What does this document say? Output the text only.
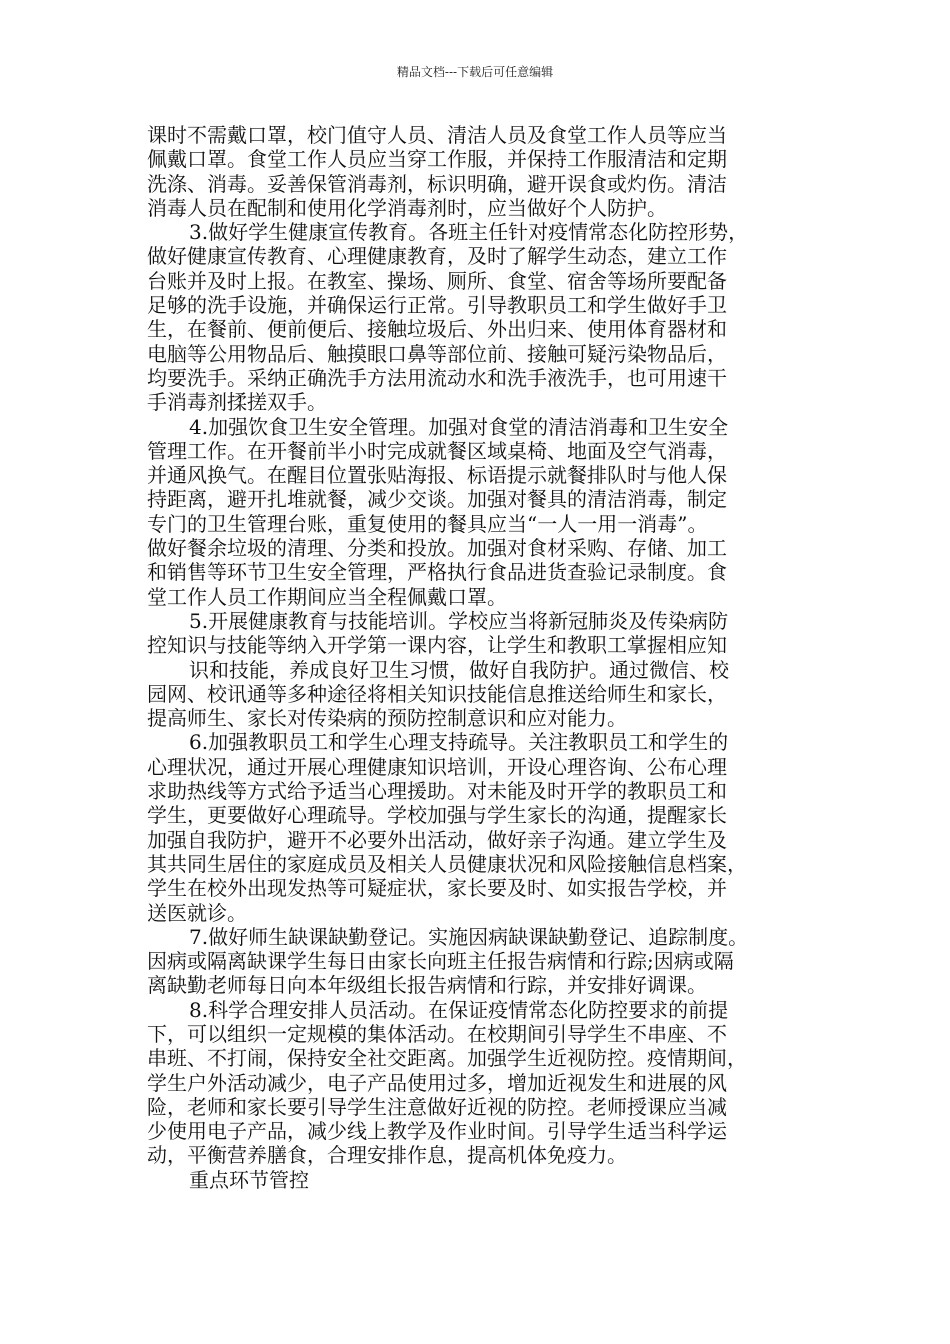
精品文档---下载后可任意编辑
课时不需戴口罩，校门值守人员、清洁人员及食堂工作人员等应当
佩戴口罩。食堂工作人员应当穿工作服，并保持工作服清洁和定期
洗涤、消毒。妥善保管消毒剂，标识明确，避开误食或灼伤。清洁
消毒人员在配制和使用化学消毒剂时，应当做好个人防护。
3.做好学生健康宣传教育。各班主任针对疫情常态化防控形势，
做好健康宣传教育、心理健康教育，及时了解学生动态，建立工作
台账并及时上报。在教室、操场、厕所、食堂、宿舍等场所要配备
足够的洗手设施，并确保运行正常。引导教职员工和学生做好手卫
生，在餐前、便前便后、接触垃圾后、外出归来、使用体育器材和
电脑等公用物品后、触摸眼口鼻等部位前、接触可疑污染物品后，
均要洗手。采纳正确洗手方法用流动水和洗手液洗手，也可用速干
手消毒剂揉搓双手。
4.加强饮食卫生安全管理。加强对食堂的清洁消毒和卫生安全
管理工作。在开餐前半小时完成就餐区域桌椅、地面及空气消毒，
并通风换气。在醒目位置张贴海报、标语提示就餐排队时与他人保
持距离，避开扎堆就餐，减少交谈。加强对餐具的清洁消毒，制定
专门的卫生管理台账，重复使用的餐具应当“一人一用一消毒”。
做好餐余垃圾的清理、分类和投放。加强对食材采购、存储、加工
和销售等环节卫生安全管理，严格执行食品进货查验记录制度。食
堂工作人员工作期间应当全程佩戴口罩。
5.开展健康教育与技能培训。学校应当将新冠肺炎及传染病防
控知识与技能等纳入开学第一课内容，让学生和教职工掌握相应知
识和技能，养成良好卫生习惯，做好自我防护。通过微信、校
园网、校讯通等多种途径将相关知识技能信息推送给师生和家长，
提高师生、家长对传染病的预防控制意识和应对能力。
6.加强教职员工和学生心理支持疏导。关注教职员工和学生的
心理状况，通过开展心理健康知识培训，开设心理咨询、公布心理
求助热线等方式给予适当心理援助。对未能及时开学的教职员工和
学生，更要做好心理疏导。学校加强与学生家长的沟通，提醒家长
加强自我防护，避开不必要外出活动，做好亲子沟通。建立学生及
其共同生居住的家庭成员及相关人员健康状况和风险接触信息档案，
学生在校外出现发热等可疑症状，家长要及时、如实报告学校，并
送医就诊。
7.做好师生缺课缺勤登记。实施因病缺课缺勤登记、追踪制度。
因病或隔离缺课学生每日由家长向班主任报告病情和行踪;因病或隔
离缺勤老师每日向本年级组长报告病情和行踪，并安排好调课。
8.科学合理安排人员活动。在保证疫情常态化防控要求的前提
下，可以组织一定规模的集体活动。在校期间引导学生不串座、不
串班、不打闹，保持安全社交距离。加强学生近视防控。疫情期间，
学生户外活动减少，电子产品使用过多，增加近视发生和进展的风
险，老师和家长要引导学生注意做好近视的防控。老师授课应当减
少使用电子产品，减少线上教学及作业时间。引导学生适当科学运
动，平衡营养膳食，合理安排作息，提高机体免疫力。
重点环节管控
